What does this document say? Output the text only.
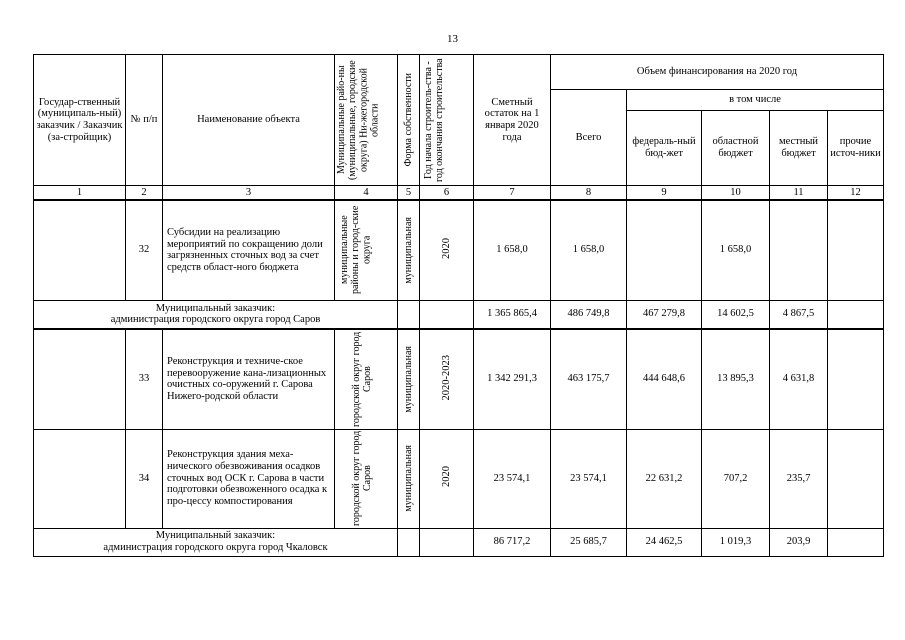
13
Государ-ственный (муниципаль-ный) заказчик / Заказчик (за-стройщик)	№ п/п	Наименование объекта	Муниципальные райо-ны (муниципальные, городские округа) Ни-жегородской области	Форма собственности	Год начала строитель-ства - год окончания строительства	Сметный остаток на 1 января 2020 года	Объем финансирования на 2020 год				
							Всего	в том числе			
								федераль-ный бюд-жет	областной бюджет	местный бюджет	прочие источ-ники
1	2	3	4	5	6	7	8	9	10	11	12
	32	Субсидии на реализацию мероприятий по сокращению доли загрязненных сточных вод за счет средств област-ного бюджета	муниципальные районы и город-ские округа	муниципальная	2020	1 658,0	1 658,0		1 658,0		

Муниципальный заказчик:
администрация городского округа город Саров						1 365 865,4	486 749,8	467 279,8	14 602,5	4 867,5	
	33	Реконструкция и техниче-ское перевооружение кана-лизационных очистных со-оружений г. Сарова Нижего-родской области	городской округ город Саров	муниципальная	2020-2023	1 342 291,3	463 175,7	444 648,6	13 895,3	4 631,8	
	34	Реконструкция здания меха-нического обезвоживания осадков сточных вод ОСК г. Сарова в части подготовки обезвоженного осадка к про-цессу компостирования	городской округ город Саров	муниципальная	2020	23 574,1	23 574,1	22 631,2	707,2	235,7	

Муниципальный заказчик:
администрация городского округа город Чкаловск						86 717,2	25 685,7	24 462,5	1 019,3	203,9	
